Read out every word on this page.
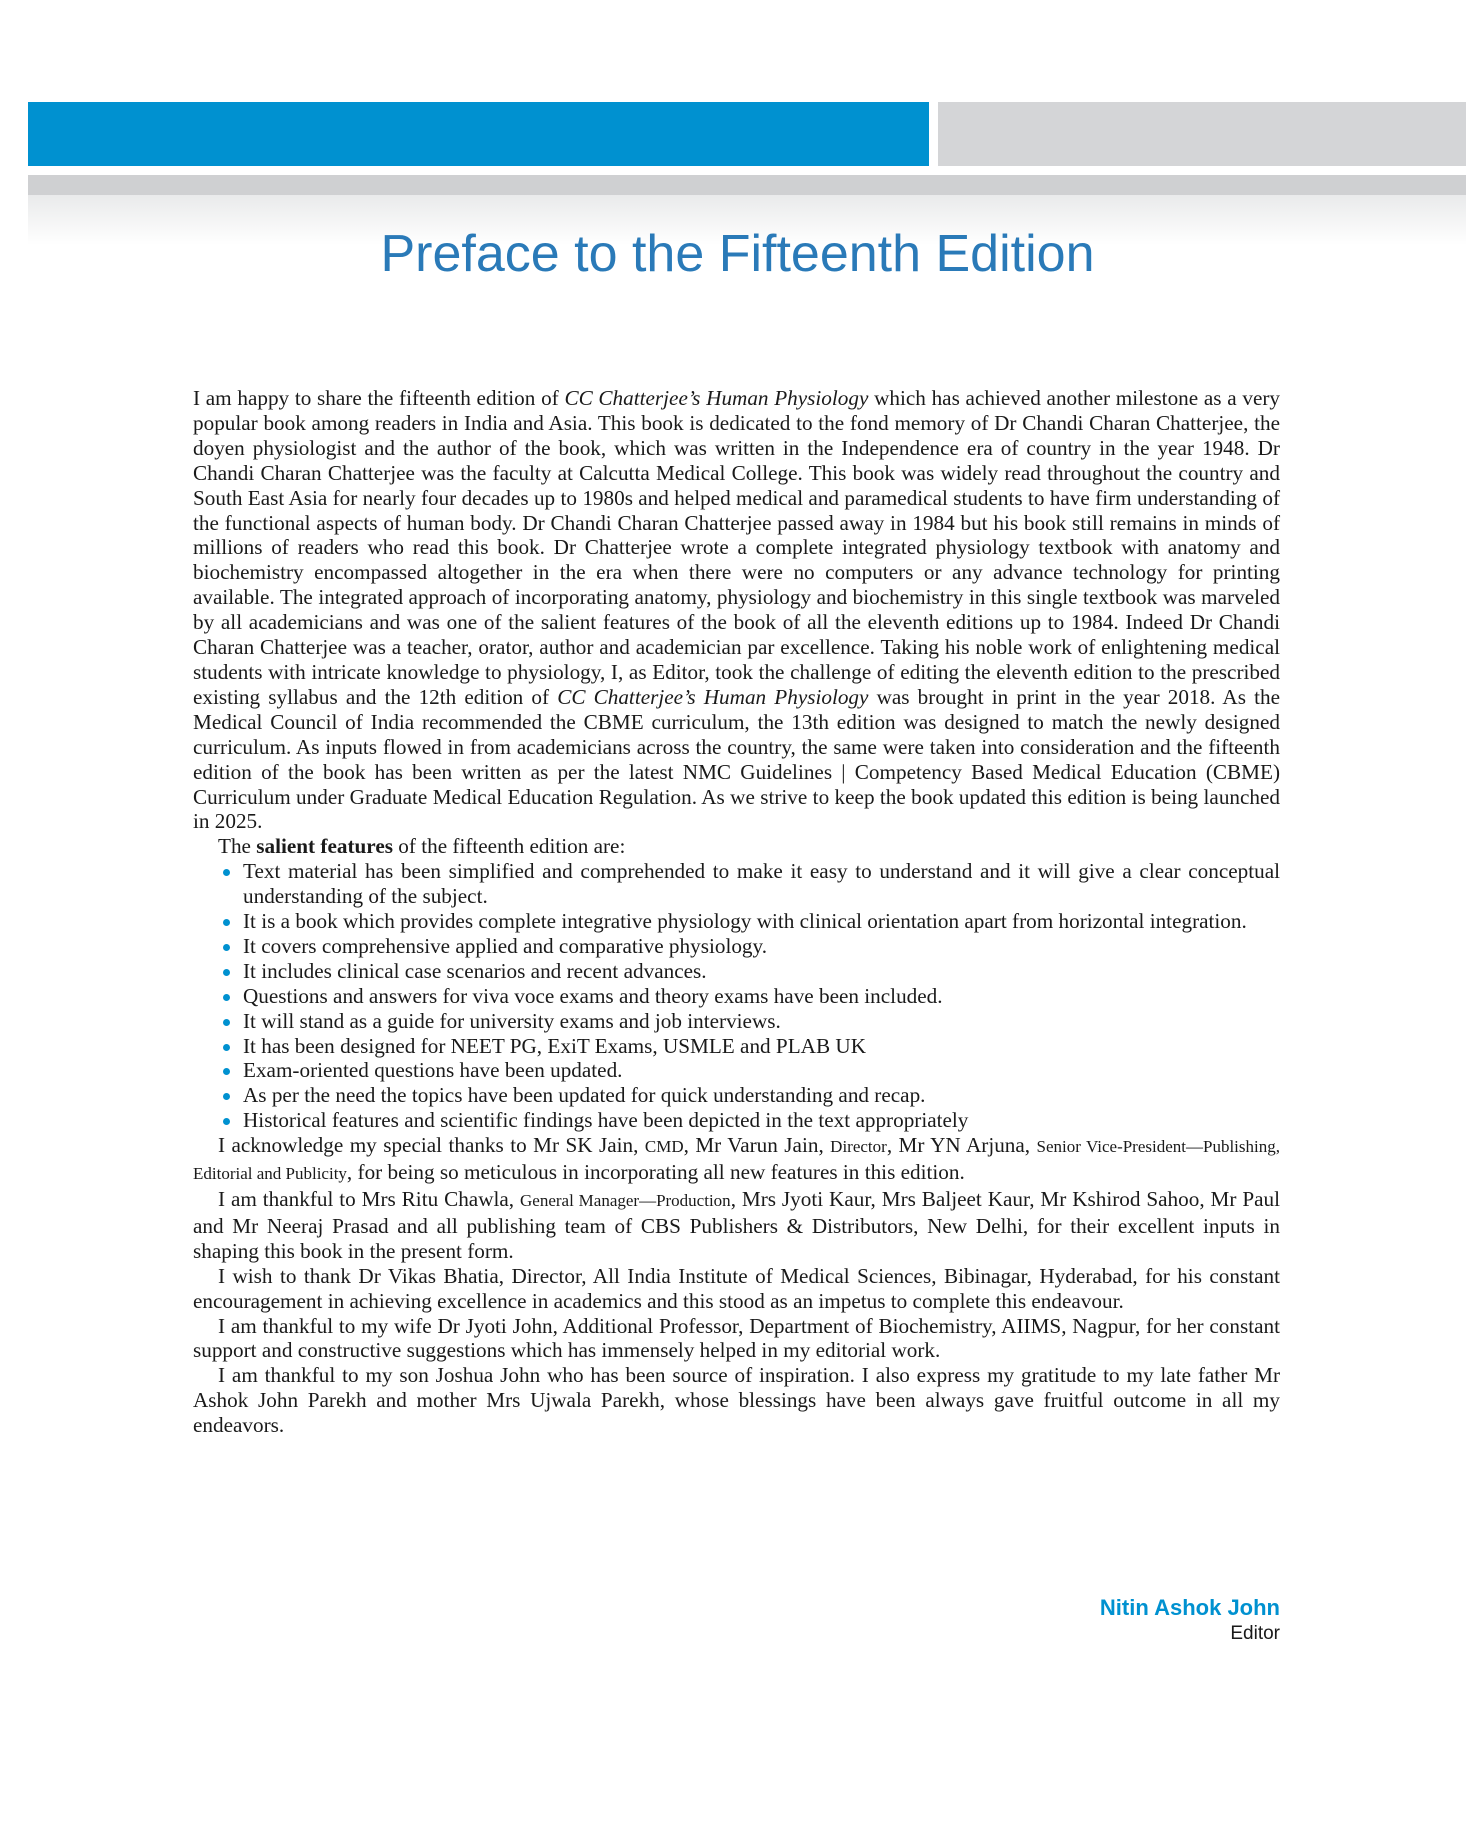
Preface to the Fifteenth Edition

I am happy to share the fifteenth edition of CC Chatterjee’s Human Physiology which has achieved another milestone as a very popular book among readers in India and Asia. This book is dedicated to the fond memory of Dr Chandi Charan Chatterjee, the doyen physiologist and the author of the book, which was written in the Independence era of country in the year 1948. Dr Chandi Charan Chatterjee was the faculty at Calcutta Medical College. This book was widely read throughout the country and South East Asia for nearly four decades up to 1980s and helped medical and paramedical students to have firm understanding of the functional aspects of human body. Dr Chandi Charan Chatterjee passed away in 1984 but his book still remains in minds of millions of readers who read this book. Dr Chatterjee wrote a complete integrated physiology textbook with anatomy and biochemistry encompassed altogether in the era when there were no computers or any advance technology for printing available. The integrated approach of incorporating anatomy, physiology and biochemistry in this single textbook was marveled by all academicians and was one of the salient features of the book of all the eleventh editions up to 1984. Indeed Dr Chandi Charan Chatterjee was a teacher, orator, author and academician par excellence. Taking his noble work of enlightening medical students with intricate knowledge to physiology, I, as Editor, took the challenge of editing the eleventh edition to the prescribed existing syllabus and the 12th edition of CC Chatterjee’s Human Physiology was brought in print in the year 2018. As the Medical Council of India recommended the CBME curriculum, the 13th edition was designed to match the newly designed curriculum. As inputs flowed in from academicians across the country, the same were taken into consideration and the fifteenth edition of the book has been written as per the latest NMC Guidelines | Competency Based Medical Education (CBME) Curriculum under Graduate Medical Education Regulation. As we strive to keep the book updated this edition is being launched in 2025.

The salient features of the fifteenth edition are:

Text material has been simplified and comprehended to make it easy to understand and it will give a clear conceptual understanding of the subject.
It is a book which provides complete integrative physiology with clinical orientation apart from horizontal integration.
It covers comprehensive applied and comparative physiology.
It includes clinical case scenarios and recent advances.
Questions and answers for viva voce exams and theory exams have been included.
It will stand as a guide for university exams and job interviews.
It has been designed for NEET PG, ExiT Exams, USMLE and PLAB UK
Exam-oriented questions have been updated.
As per the need the topics have been updated for quick understanding and recap.
Historical features and scientific findings have been depicted in the text appropriately

I acknowledge my special thanks to Mr SK Jain, CMD, Mr Varun Jain, Director, Mr YN Arjuna, Senior Vice-President—Publishing, Editorial and Publicity, for being so meticulous in incorporating all new features in this edition.

I am thankful to Mrs Ritu Chawla, General Manager—Production, Mrs Jyoti Kaur, Mrs Baljeet Kaur, Mr Kshirod Sahoo, Mr Paul and Mr Neeraj Prasad and all publishing team of CBS Publishers & Distributors, New Delhi, for their excellent inputs in shaping this book in the present form.

I wish to thank Dr Vikas Bhatia, Director, All India Institute of Medical Sciences, Bibinagar, Hyderabad, for his constant encouragement in achieving excellence in academics and this stood as an impetus to complete this endeavour.

I am thankful to my wife Dr Jyoti John, Additional Professor, Department of Biochemistry, AIIMS, Nagpur, for her constant support and constructive suggestions which has immensely helped in my editorial work.

I am thankful to my son Joshua John who has been source of inspiration. I also express my gratitude to my late father Mr Ashok John Parekh and mother Mrs Ujwala Parekh, whose blessings have been always gave fruitful outcome in all my endeavors.

Nitin Ashok John
Editor
